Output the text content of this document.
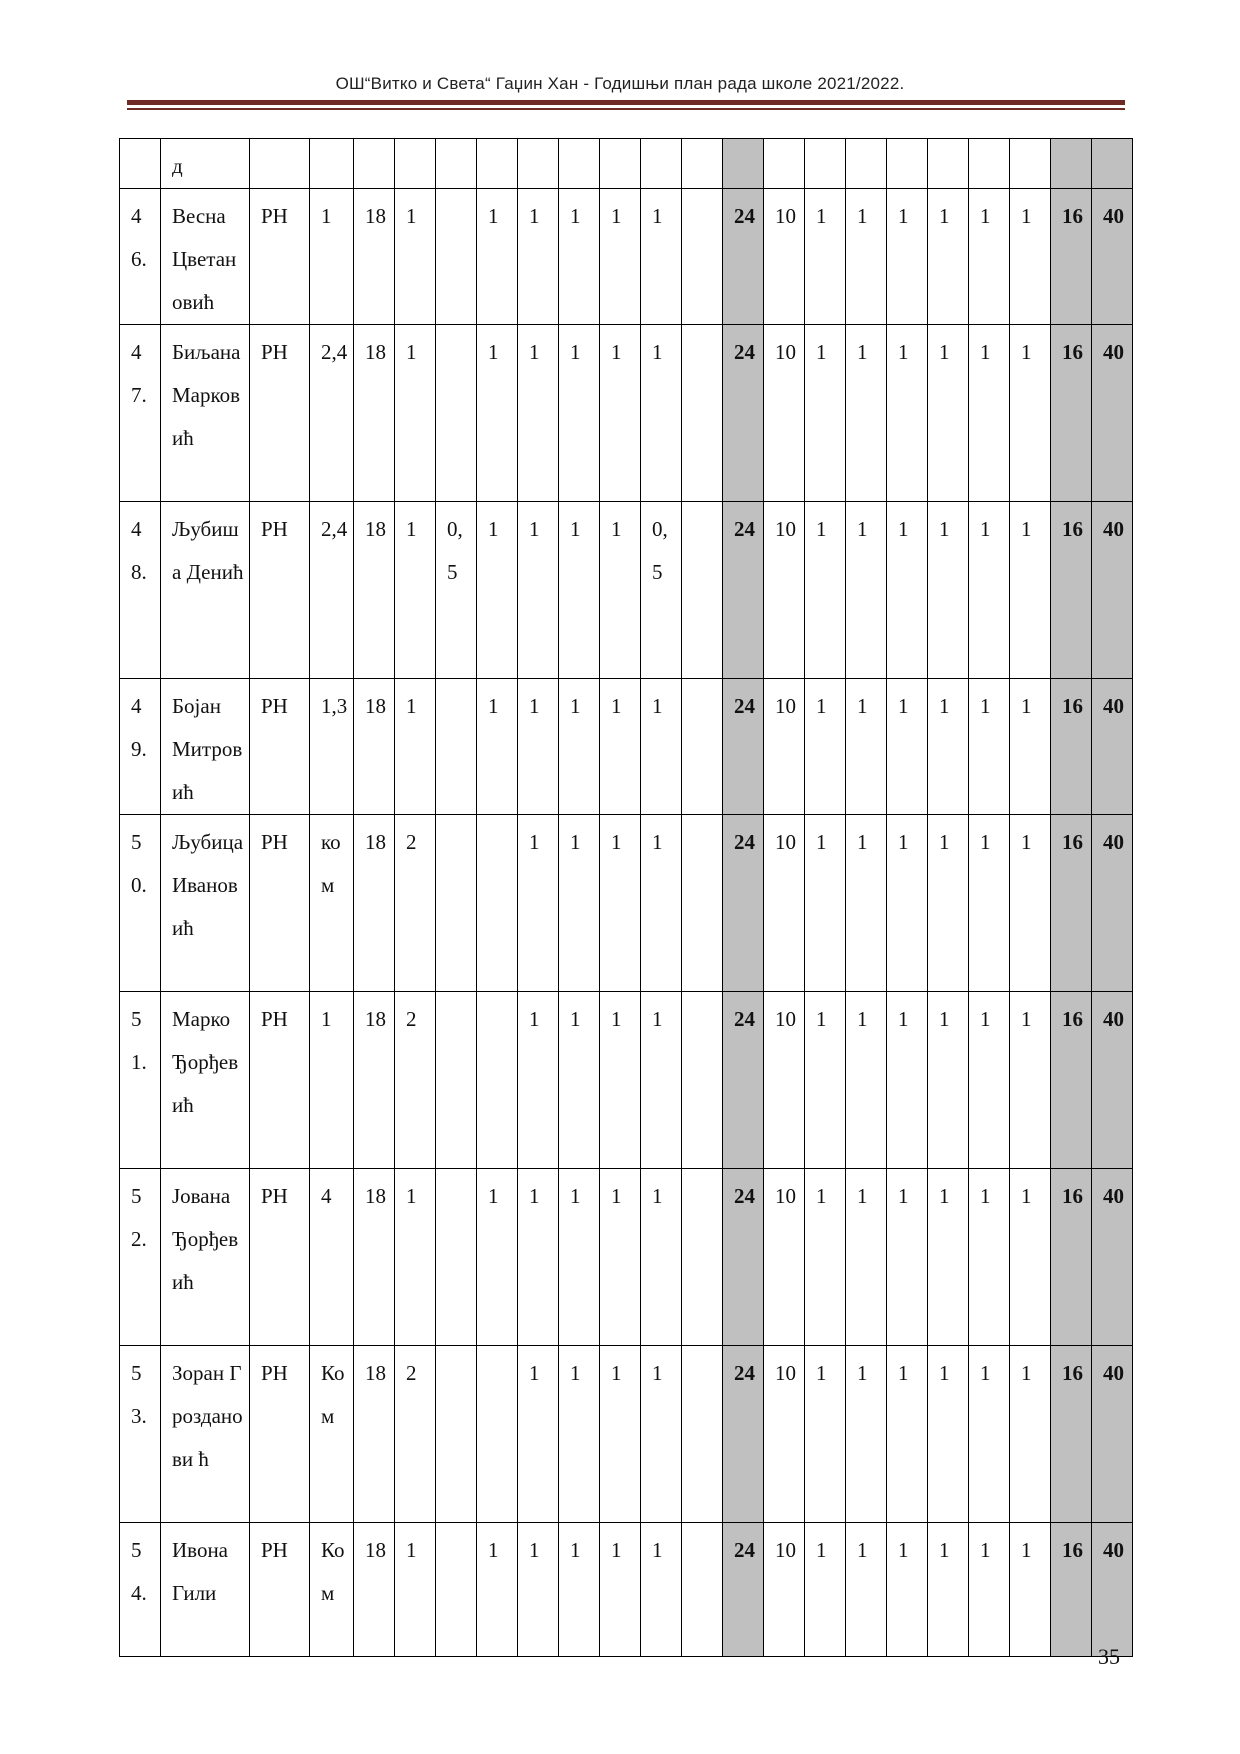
ОШ“Витко и Света“ Гаџин Хан - Годишњи план рада школе 2021/2022.
	д																					
46.	Весна Цветановић	РН	1	18	1		1	1	1	1	1		24	10	1	1	1	1	1	1	16	40
47.	Биљана Марковић	РН	2,4	18	1		1	1	1	1	1		24	10	1	1	1	1	1	1	16	40
48.	Љубиша Денић	РН	2,4	18	1	0,5	1	1	1	1	0,5		24	10	1	1	1	1	1	1	16	40
49.	Бојан Митровић	РН	1,3	18	1		1	1	1	1	1		24	10	1	1	1	1	1	1	16	40
50.	Љубица Ивановић	РН	ком	18	2			1	1	1	1		24	10	1	1	1	1	1	1	16	40
51.	Марко Ђорђевић	РН	1	18	2			1	1	1	1		24	10	1	1	1	1	1	1	16	40
52.	Јована Ђорђевић	РН	4	18	1		1	1	1	1	1		24	10	1	1	1	1	1	1	16	40
53.	Зоран Грозданови ћ	РН	Ком	18	2			1	1	1	1		24	10	1	1	1	1	1	1	16	40
54.	Ивона Гили	РН	Ком	18	1		1	1	1	1	1		24	10	1	1	1	1	1	1	16	40
35
